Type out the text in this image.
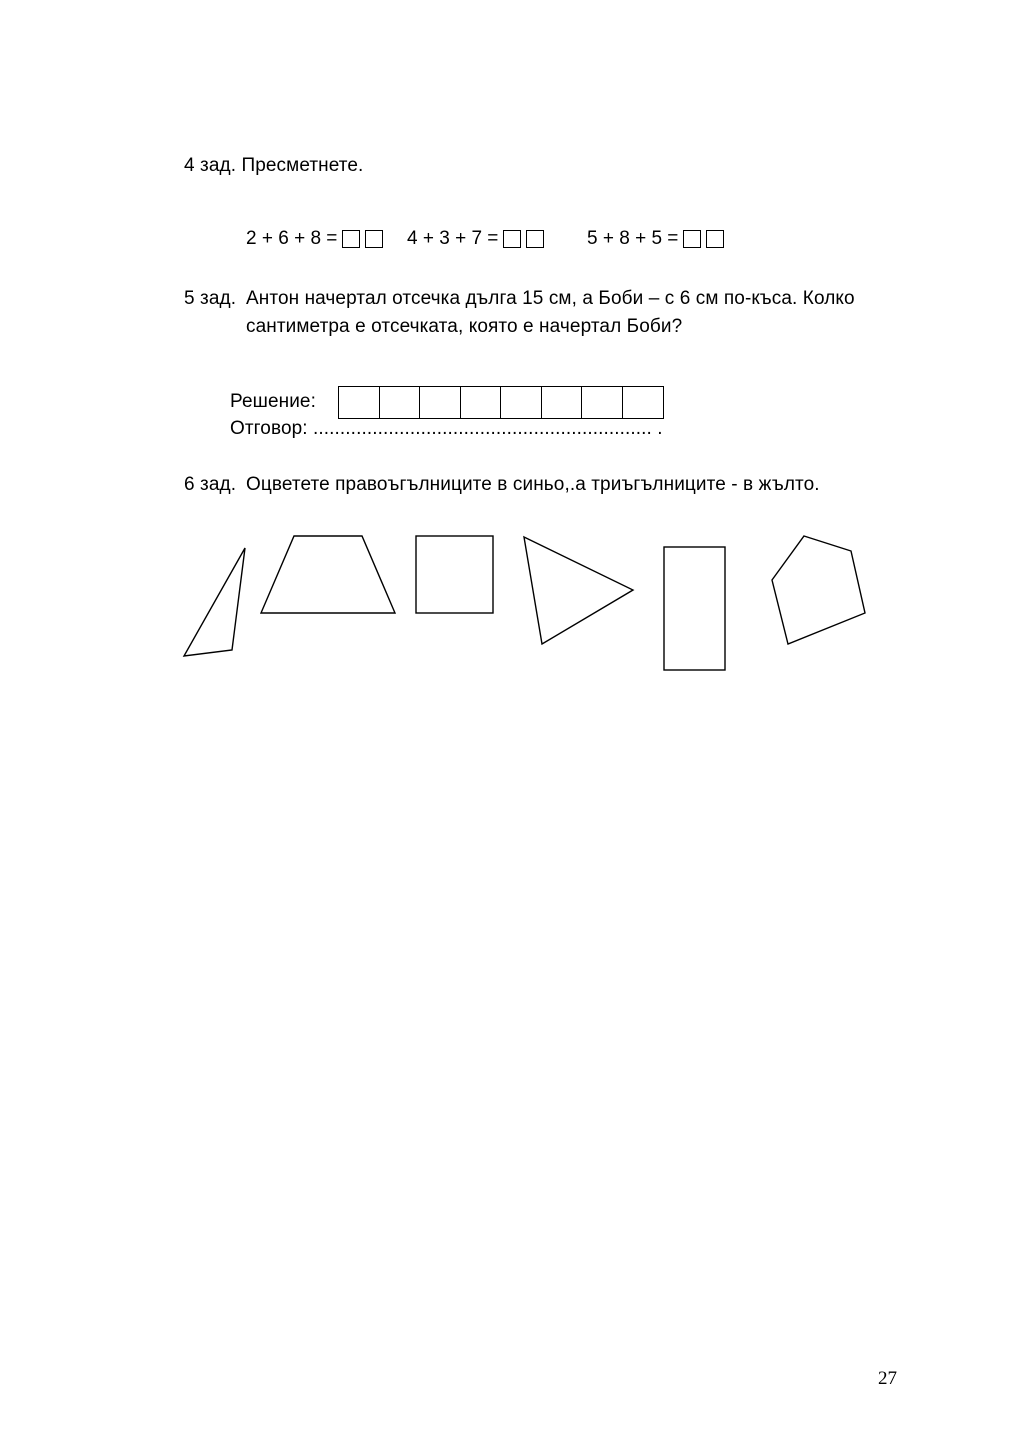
4 зад. Пресметнете.
2 + 6 + 8 =	4 + 3 + 7 =	5 + 8 + 5 =
5 зад. Антон начертал отсечка дълга 15 см, а Боби – с 6 см по-къса. Колко
сантиметра е отсечката, която е начертал Боби?
Решение:
Отговор: ............................................................... .
6 зад. Оцветете правоъгълниците в синьо,.а триъгълниците - в жълто.
27
